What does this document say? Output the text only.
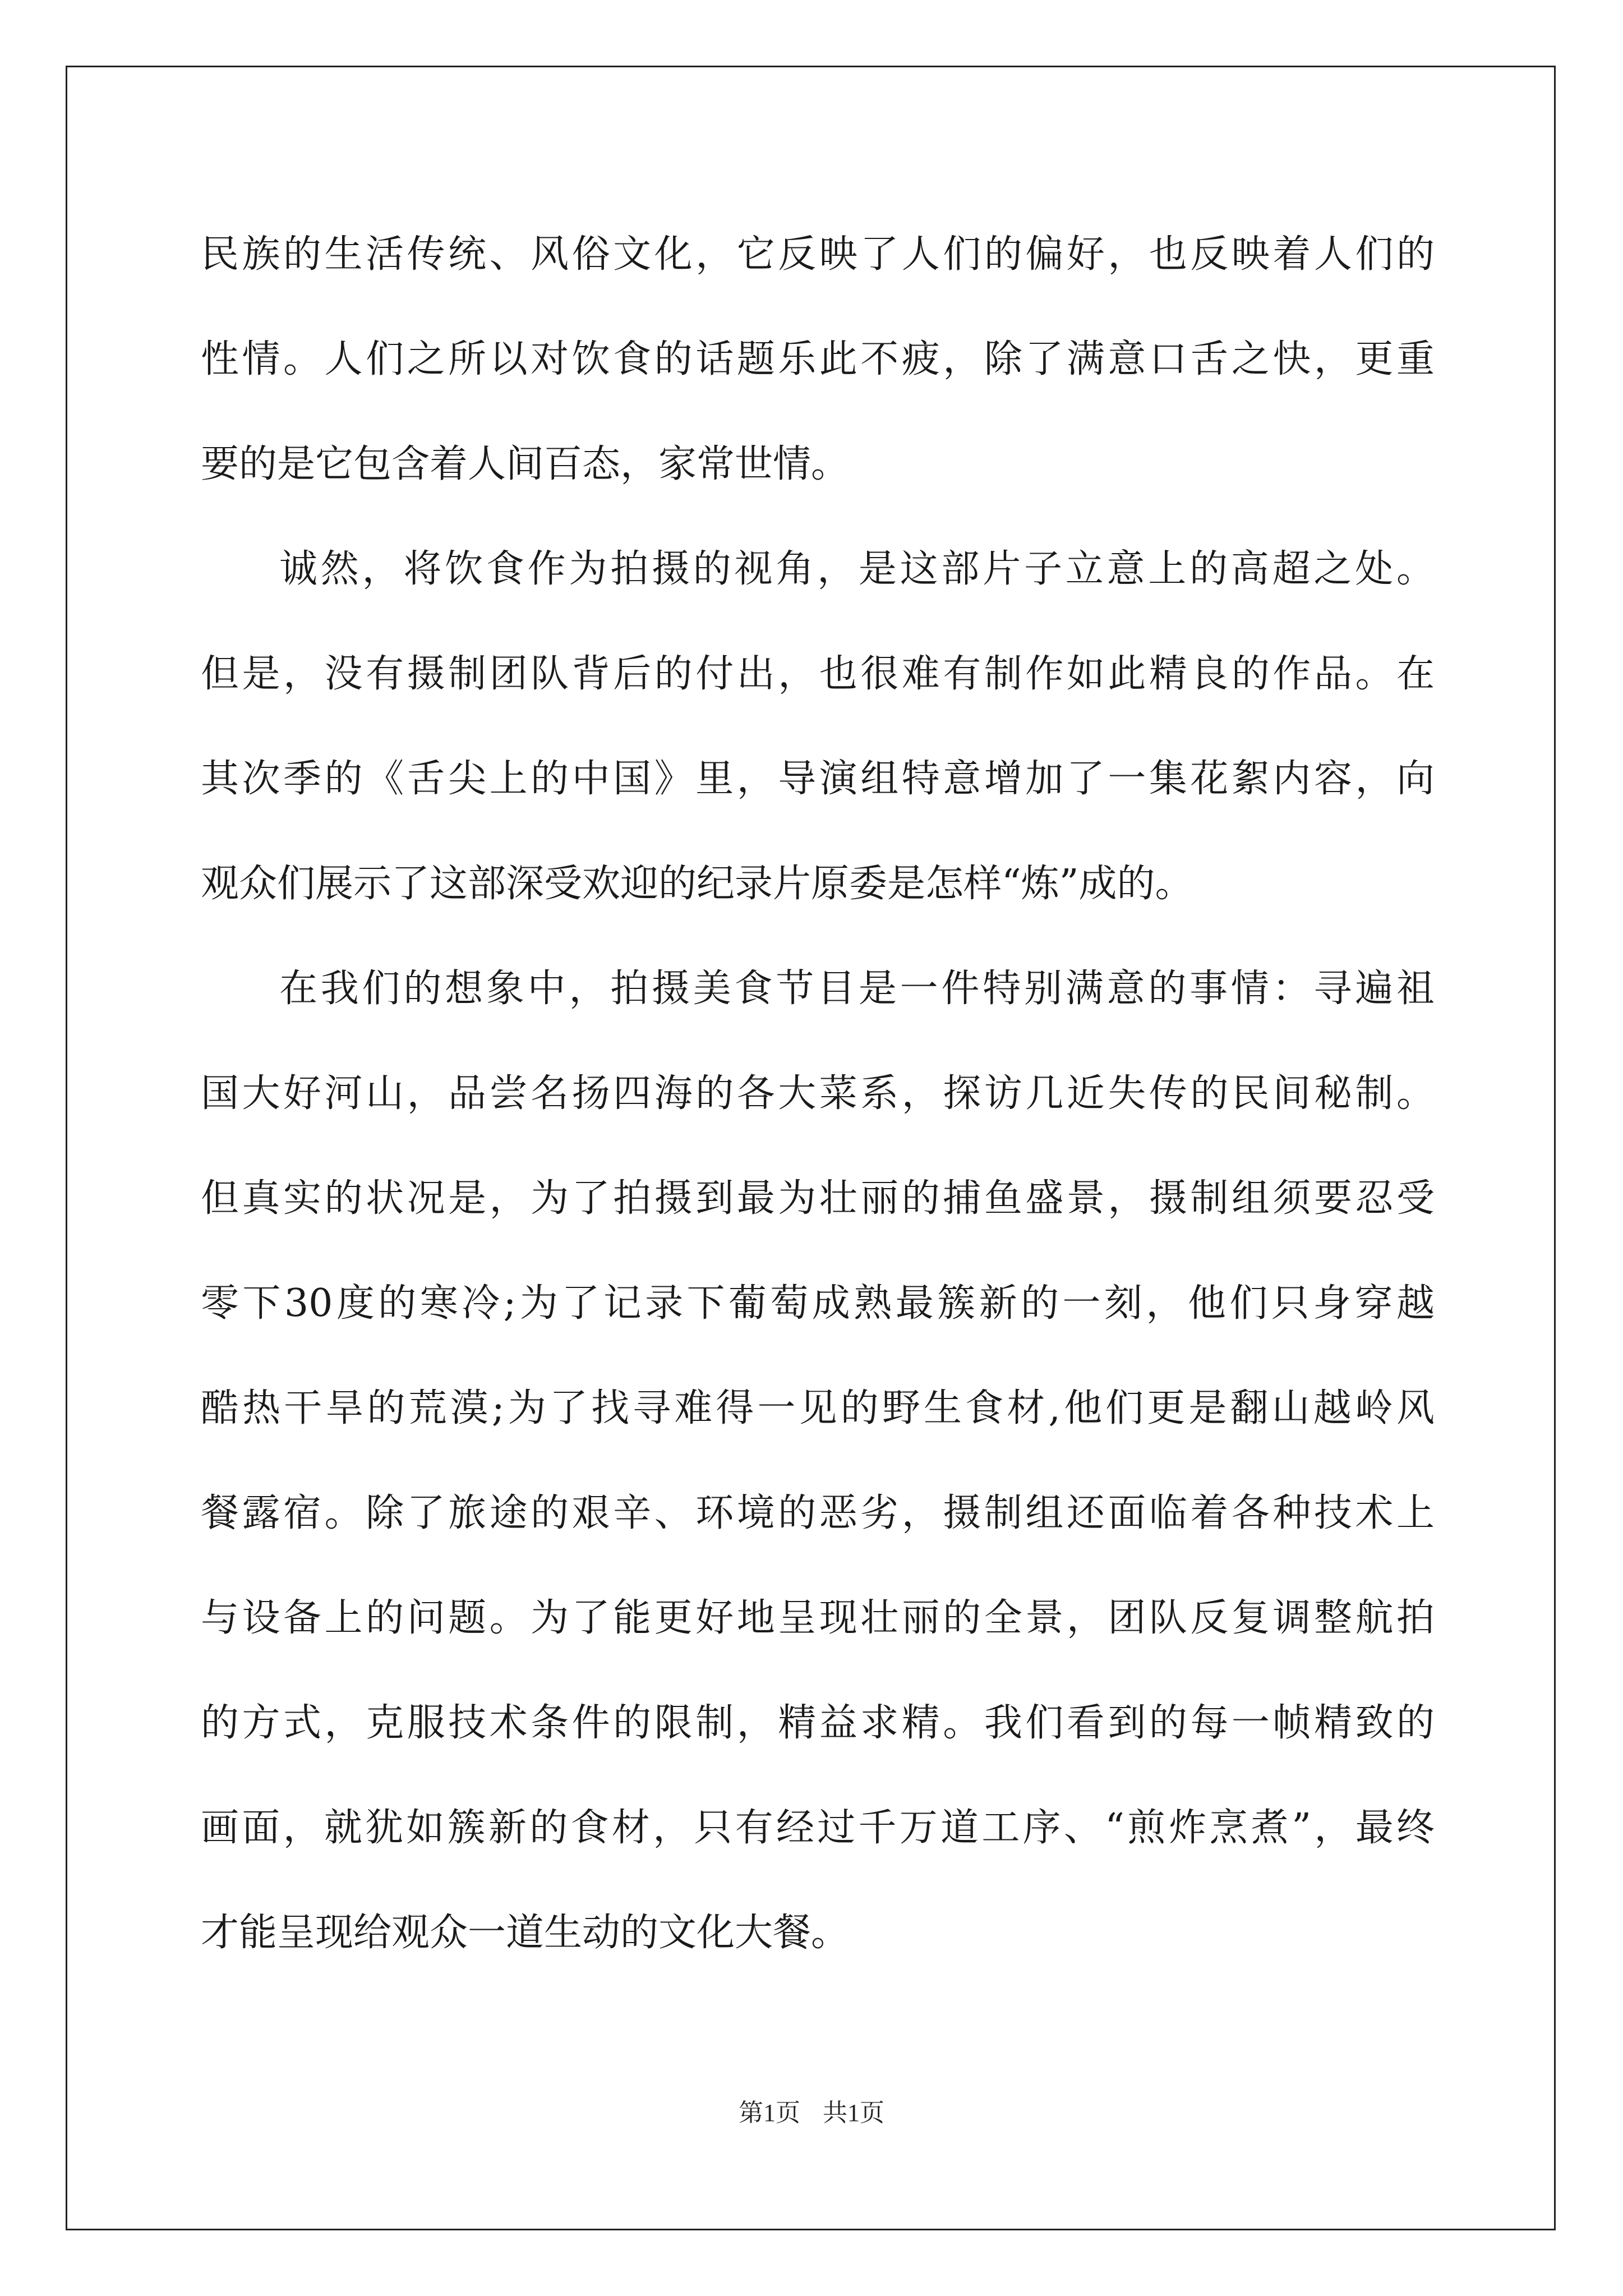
民族的生活传统、风俗文化，它反映了人们的偏好，也反映着人们的
性情。人们之所以对饮食的话题乐此不疲，除了满意口舌之快，更重
要的是它包含着人间百态，家常世情。
诚然，将饮食作为拍摄的视角，是这部片子立意上的高超之处。
但是，没有摄制团队背后的付出，也很难有制作如此精良的作品。在
其次季的《舌尖上的中国》里，导演组特意增加了一集花絮内容，向
观众们展示了这部深受欢迎的纪录片原委是怎样“炼”成的。
在我们的想象中，拍摄美食节目是一件特别满意的事情：寻遍祖
国大好河山，品尝名扬四海的各大菜系，探访几近失传的民间秘制。
但真实的状况是，为了拍摄到最为壮丽的捕鱼盛景，摄制组须要忍受
零下30度的寒冷;为了记录下葡萄成熟最簇新的一刻，他们只身穿越
酷热干旱的荒漠;为了找寻难得一见的野生食材,他们更是翻山越岭风
餐露宿。除了旅途的艰辛、环境的恶劣，摄制组还面临着各种技术上
与设备上的问题。为了能更好地呈现壮丽的全景，团队反复调整航拍
的方式，克服技术条件的限制，精益求精。我们看到的每一帧精致的
画面，就犹如簇新的食材，只有经过千万道工序、“煎炸烹煮”，最终
才能呈现给观众一道生动的文化大餐。
第1页 共1页
